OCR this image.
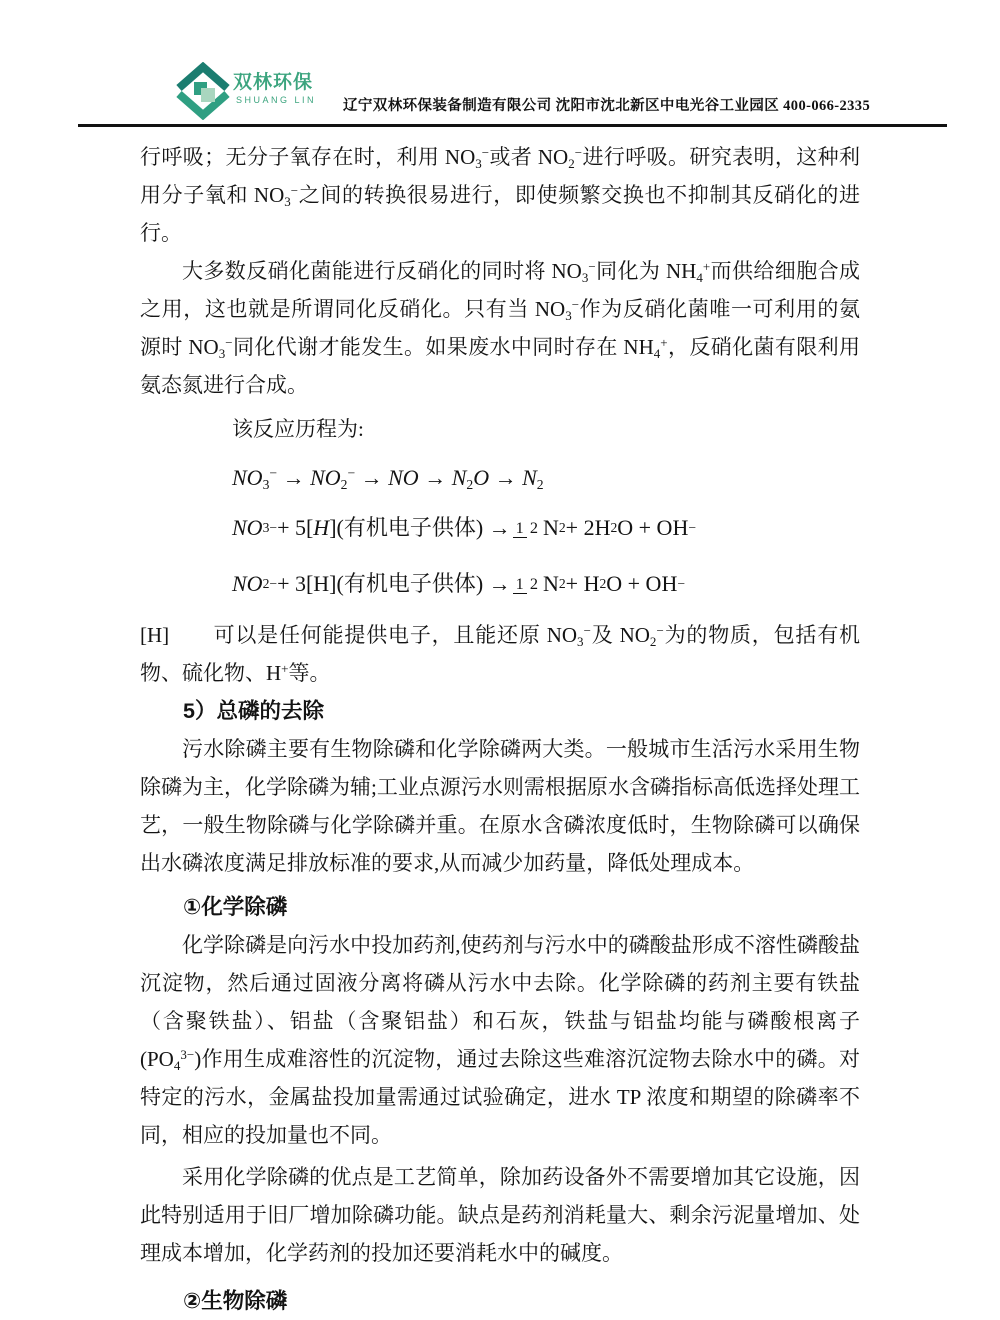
双林环保
SHUANG LIN	辽宁双林环保装备制造有限公司 沈阳市沈北新区中电光谷工业园区 400-066-2335

行呼吸；无分子氧存在时，利用 $NO_3^-$或者 $NO_2^-$进行呼吸。研究表明，这种利用分子氧和 $NO_3^-$之间的转换很易进行，即使频繁交换也不抑制其反硝化的进行。

大多数反硝化菌能进行反硝化的同时将 $NO_3^-$同化为 $NH_4^+$而供给细胞合成之用，这也就是所谓同化反硝化。只有当 $NO_3^-$作为反硝化菌唯一可利用的氨源时 $NO_3^-$同化代谢才能发生。如果废水中同时存在 $NH_4^+$，反硝化菌有限利用氨态氮进行合成。

该反应历程为:

$NO_3^- \to NO_2^-$ → NO → $N_2O \to N_2$
NO 3 − + 5[ H ](有机电子供体) → 1 2 N 2 + 2H 2 O + OH −
NO 2 − + 3[H](有机电子供体) → 1 2 N 2 + H 2 O + OH −

[H]　　 可以是任何能提供电子，且能还原 $NO_3^-$及 $NO_2^-$为的物质，包括有机物、硫化物、H+等。

5）总磷的去除

污水除磷主要有生物除磷和化学除磷两大类。一般城市生活污水采用生物除磷为主，化学除磷为辅;工业点源污水则需根据原水含磷指标高低选择处理工艺，一般生物除磷与化学除磷并重。在原水含磷浓度低时，生物除磷可以确保出水磷浓度满足排放标准的要求,从而减少加药量，降低处理成本。

①化学除磷

化学除磷是向污水中投加药剂,使药剂与污水中的磷酸盐形成不溶性磷酸盐沉淀物，然后通过固液分离将磷从污水中去除。化学除磷的药剂主要有铁盐（含聚铁盐）、铝盐（含聚铝盐）和石灰，铁盐与铝盐均能与磷酸根离子$(PO_4^{3-})$作用生成难溶性的沉淀物，通过去除这些难溶沉淀物去除水中的磷。对特定的污水，金属盐投加量需通过试验确定，进水 TP 浓度和期望的除磷率不同，相应的投加量也不同。

采用化学除磷的优点是工艺简单，除加药设备外不需要增加其它设施，因此特别适用于旧厂增加除磷功能。缺点是药剂消耗量大、剩余污泥量增加、处理成本增加，化学药剂的投加还要消耗水中的碱度。

②生物除磷
